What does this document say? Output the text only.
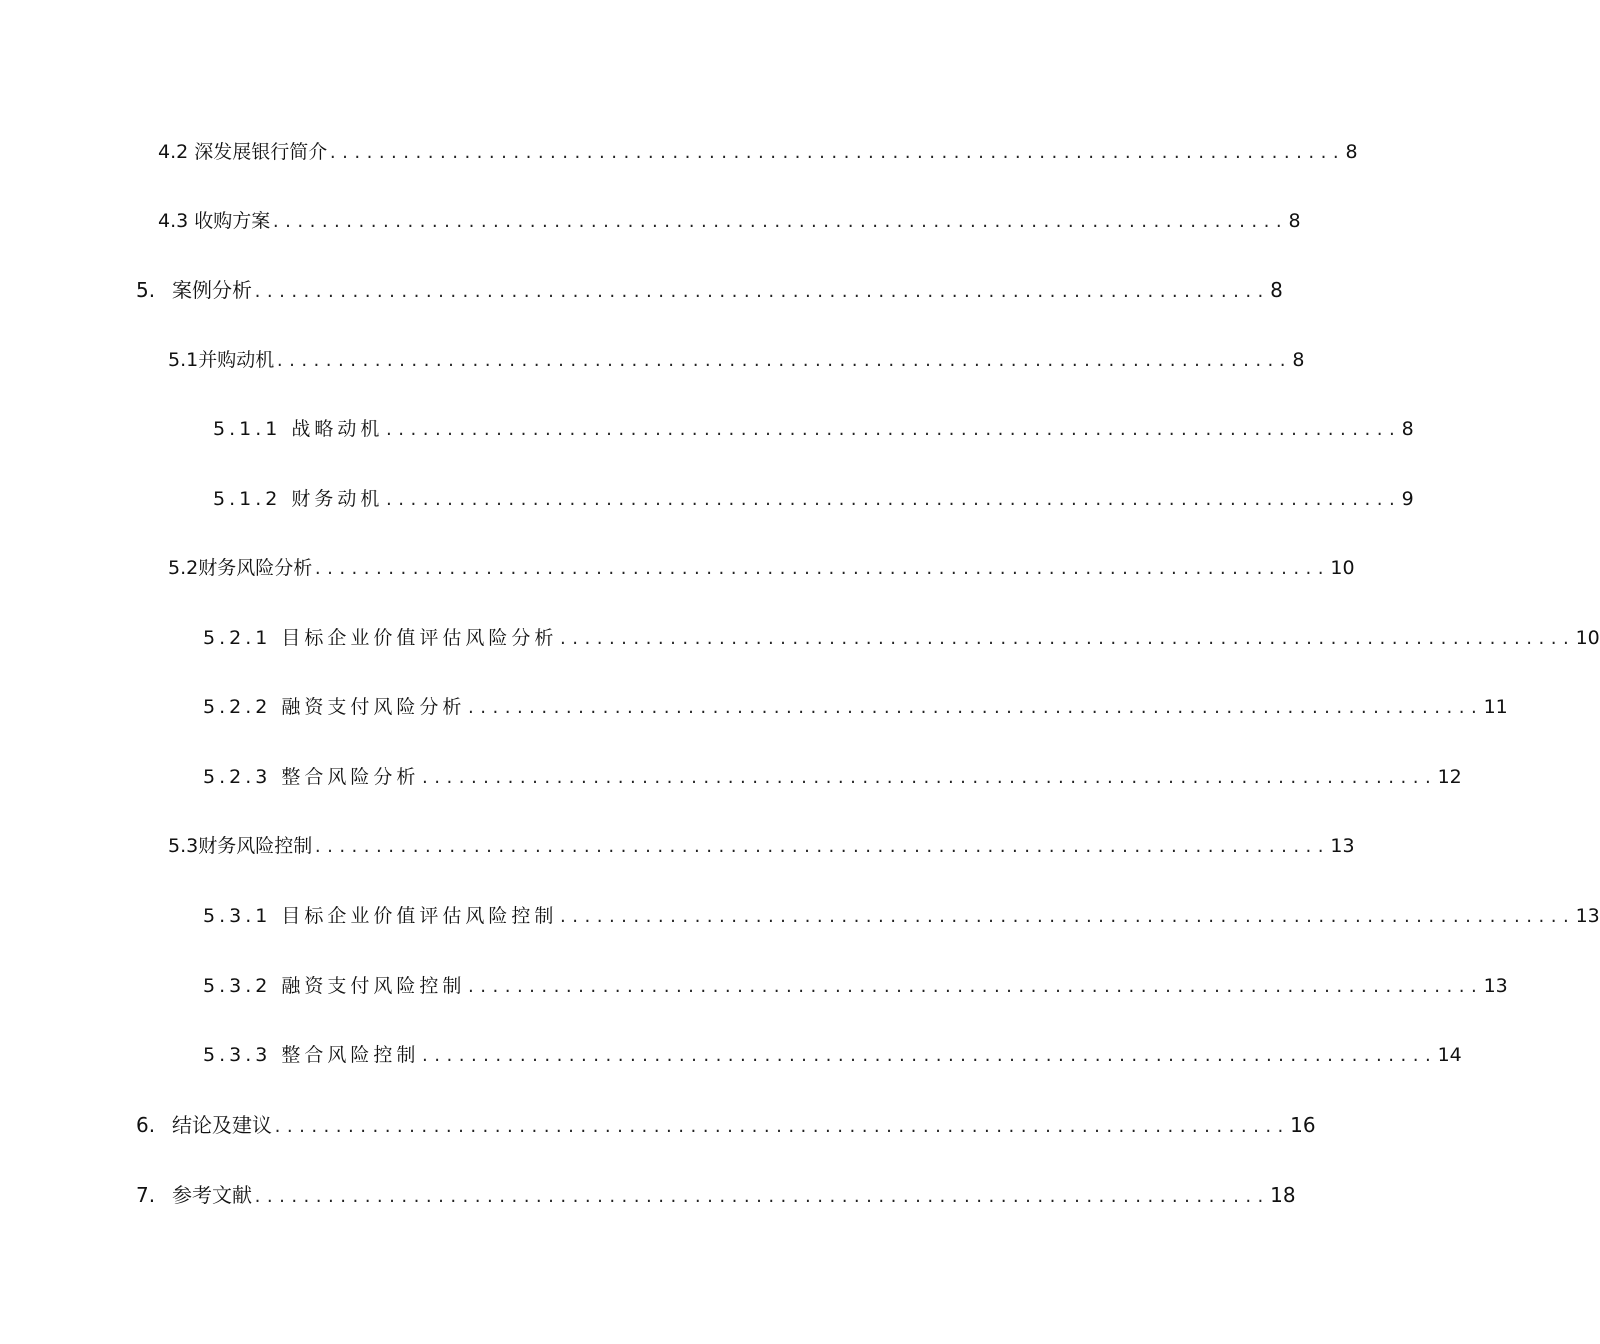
4.2 深发展银行简介 ................................................................................... 8
4.3 收购方案 ................................................................................... 8
5. 案例分析 ................................................................................... 8
5.1 并购动机 ................................................................................... 8
5.1.1 战略动机 ................................................................................... 8
5.1.2 财务动机 ................................................................................... 9
5.2 财务风险分析 ................................................................................... 10
5.2.1 目标企业价值评估风险分析 ................................................................................... 10
5.2.2 融资支付风险分析 ................................................................................... 11
5.2.3 整合风险分析 ................................................................................... 12
5.3 财务风险控制 ................................................................................... 13
5.3.1 目标企业价值评估风险控制 ................................................................................... 13
5.3.2 融资支付风险控制 ................................................................................... 13
5.3.3 整合风险控制 ................................................................................... 14
6. 结论及建议 ................................................................................... 16
7. 参考文献 ................................................................................... 18
